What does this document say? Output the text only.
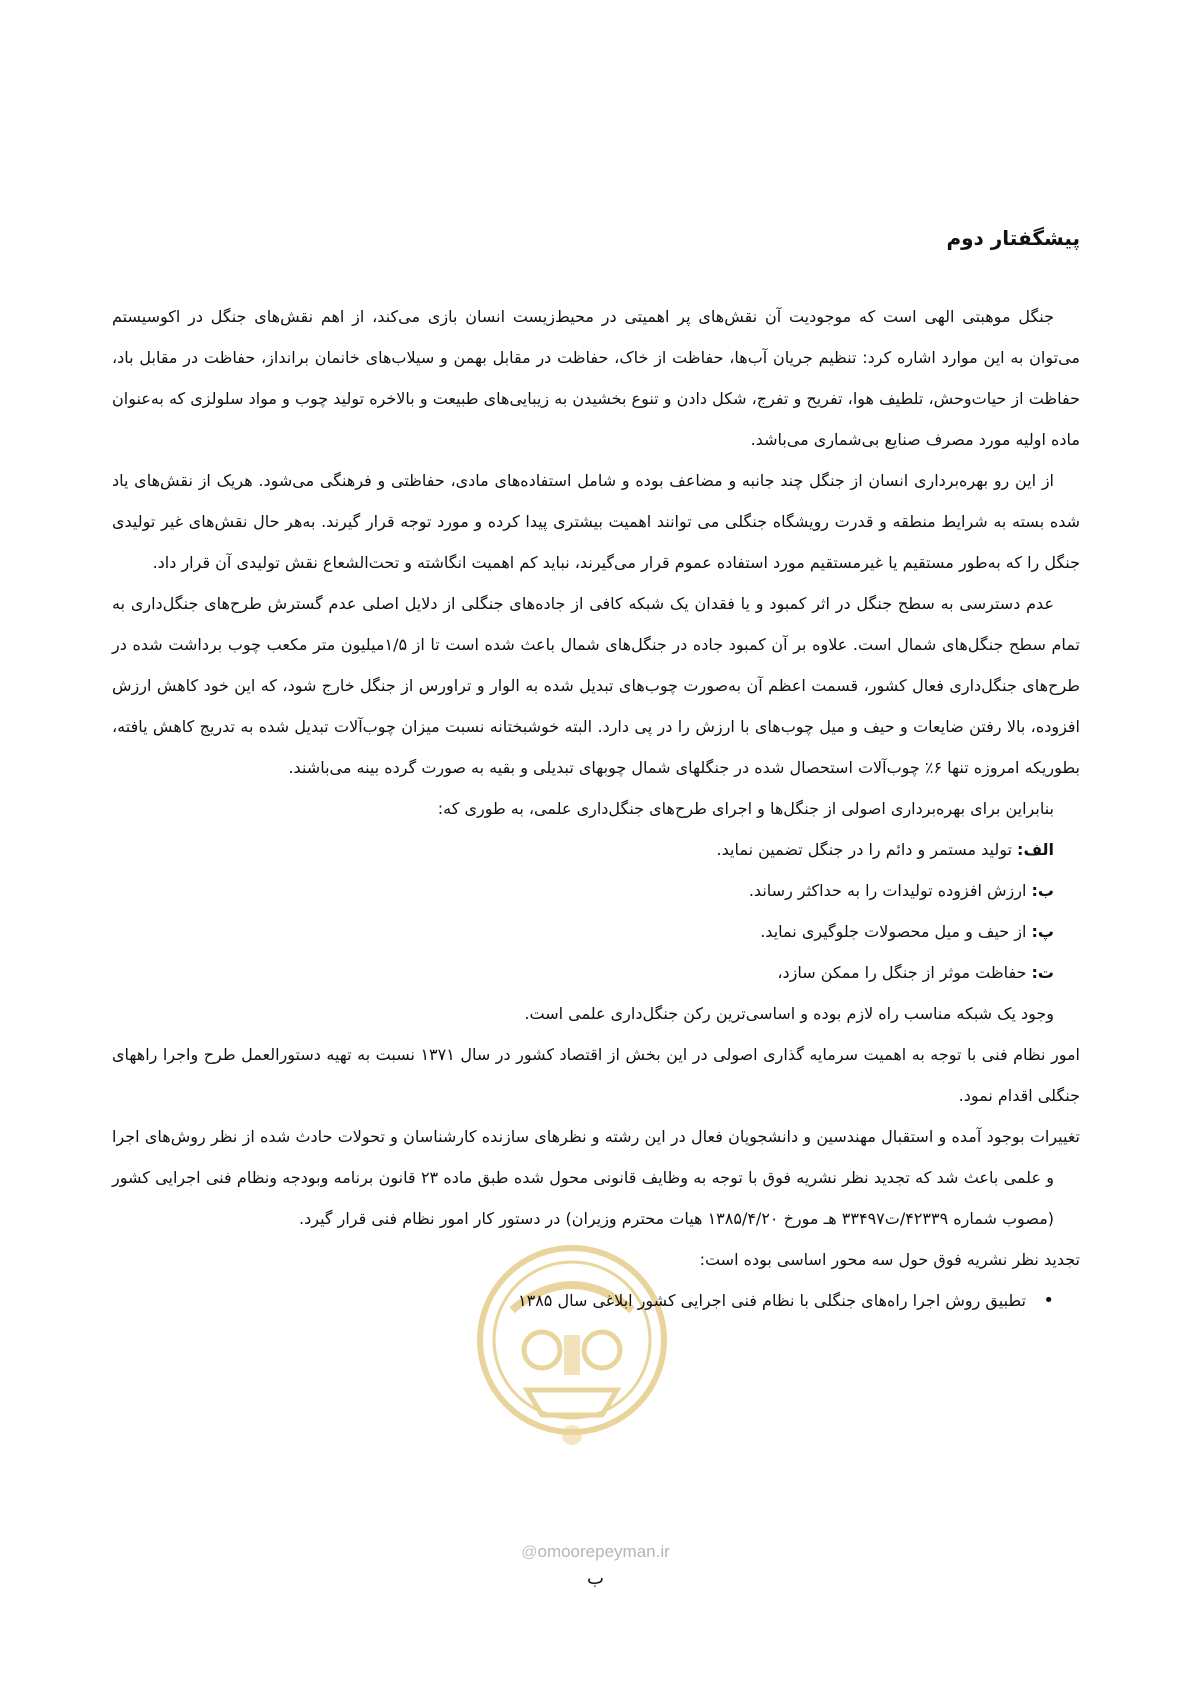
پیشگفتار دوم

جنگل موهبتی الهی است که موجودیت آن نقش‌های پر اهمیتی در محیط‌زیست انسان بازی می‌کند، از اهم نقش‌های جنگل در اکوسیستم می‌توان به این موارد اشاره کرد: تنظیم جریان آب‌ها، حفاظت از خاک، حفاظت در مقابل بهمن و سیلاب‌های خانمان برانداز، حفاظت در مقابل باد، حفاظت از حیات‌وحش، تلطیف هوا، تفریح و تفرج، شکل دادن و تنوع بخشیدن به زیبایی‌های طبیعت و بالاخره تولید چوب و مواد سلولزی که به‌عنوان ماده اولیه مورد مصرف صنایع بی‌شماری می‌باشد.

از این رو بهره‌برداری انسان از جنگل چند جانبه و مضاعف بوده و شامل استفاده‌های مادی، حفاظتی و فرهنگی می‌شود. هریک از نقش‌های یاد شده بسته به شرایط منطقه و قدرت رویشگاه جنگلی می توانند اهمیت بیشتری پیدا کرده و مورد توجه قرار گیرند. به‌هر حال نقش‌های غیر تولیدی جنگل را که به‌طور مستقیم یا غیرمستقیم مورد استفاده عموم قرار می‌گیرند، نباید کم اهمیت انگاشته و تحت‌الشعاع نقش تولیدی آن قرار داد.

عدم دسترسی به سطح جنگل در اثر کمبود و یا فقدان یک شبکه کافی از جاده‌های جنگلی از دلایل اصلی عدم گسترش طرح‌های جنگل‌داری به تمام سطح جنگل‌های شمال است. علاوه بر آن کمبود جاده در جنگل‌های شمال باعث شده است تا از ۱/۵میلیون متر مکعب چوب برداشت شده در طرح‌های جنگل‌داری فعال کشور، قسمت اعظم آن به‌صورت چوب‌های تبدیل شده به الوار و تراورس از جنگل خارج شود، که این خود کاهش ارزش افزوده، بالا رفتن ضایعات و حیف و میل چوب‌های با ارزش را در پی دارد. البته خوشبختانه نسبت میزان چوب‌آلات تبدیل شده به تدریج کاهش یافته، بطوریکه امروزه تنها ۶٪ چوب‌آلات استحصال شده در جنگلهای شمال چوبهای تبدیلی و بقیه به صورت گرده بینه می‌باشند.

بنابراین برای بهره‌برداری اصولی از جنگل‌ها و اجرای طرح‌های جنگل‌داری علمی، به طوری که:

الف: تولید مستمر و دائم را در جنگل تضمین نماید.

ب: ارزش افزوده تولیدات را به حداکثر رساند.

پ: از حیف و میل محصولات جلوگیری نماید.

ت: حفاظت موثر از جنگل را ممکن سازد،

وجود یک شبکه مناسب راه لازم بوده و اساسی‌ترین رکن جنگل‌داری علمی است.

امور نظام فنی با توجه به اهمیت سرمایه گذاری اصولی در این بخش از اقتصاد کشور در سال ۱۳۷۱ نسبت به تهیه دستورالعمل طرح واجرا راههای جنگلی اقدام نمود.

تغییرات بوجود آمده و استقبال مهندسین و دانشجویان فعال در این رشته و نظرهای سازنده کارشناسان و تحولات حادث شده از نظر روش‌های اجرا و علمی باعث شد که تجدید نظر نشریه فوق با توجه به وظایف قانونی محول شده طبق ماده ۲۳ قانون برنامه وبودجه ونظام فنی اجرایی کشور (مصوب شماره ۴۲۳۳۹/ت۳۳۴۹۷ هـ‍ مورخ ۱۳۸۵/۴/۲۰ هیات محترم وزیران) در دستور کار امور نظام فنی قرار گیرد.

تجدید نظر نشریه فوق حول سه محور اساسی بوده است:

• تطبیق روش اجرا راه‌های جنگلی با نظام فنی اجرایی کشور ابلاغی سال ۱۳۸۵
@omoorepeyman.ir
ب
